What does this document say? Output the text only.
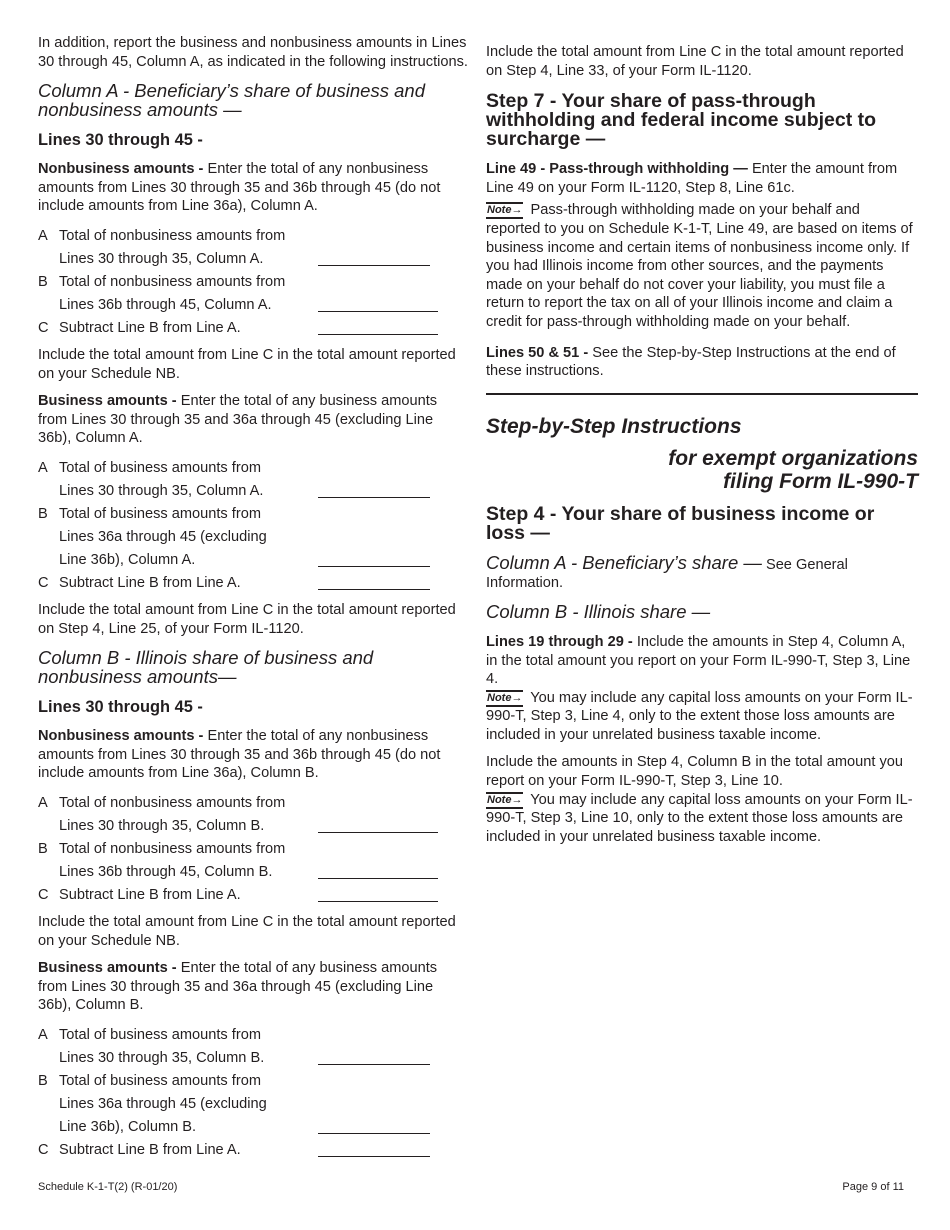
In addition, report the business and nonbusiness amounts in Lines 30 through 45, Column A, as indicated in the following instructions.

Column A - Beneficiary’s share of business and nonbusiness amounts —

Lines 30 through 45 -

Nonbusiness amounts - Enter the total of any nonbusiness amounts from Lines 30 through 35 and 36b through 45 (do not include amounts from Line 36a), Column A.

A Total of nonbusiness amounts from
Lines 30 through 35, Column A.
B Total of nonbusiness amounts from
Lines 36b through 45, Column A.
C Subtract Line B from Line A.

Include the total amount from Line C in the total amount reported on your Schedule NB.

Business amounts - Enter the total of any business amounts from Lines 30 through 35 and 36a through 45 (excluding Line 36b), Column A.

A Total of business amounts from
Lines 30 through 35, Column A.
B Total of business amounts from
Lines 36a through 45 (excluding
Line 36b), Column A.
C Subtract Line B from Line A.

Include the total amount from Line C in the total amount reported on Step 4, Line 25, of your Form IL-1120.

Column B - Illinois share of business and nonbusiness amounts—

Lines 30 through 45 -

Nonbusiness amounts - Enter the total of any nonbusiness amounts from Lines 30 through 35 and 36b through 45 (do not include amounts from Line 36a), Column B.

A Total of nonbusiness amounts from
Lines 30 through 35, Column B.
B Total of nonbusiness amounts from
Lines 36b through 45, Column B.
C Subtract Line B from Line A.

Include the total amount from Line C in the total amount reported on your Schedule NB.

Business amounts - Enter the total of any business amounts from Lines 30 through 35 and 36a through 45 (excluding Line 36b), Column B.

A Total of business amounts from
Lines 30 through 35, Column B.
B Total of business amounts from
Lines 36a through 45 (excluding
Line 36b), Column B.
C Subtract Line B from Line A.

Include the total amount from Line C in the total amount reported on Step 4, Line 33, of your Form IL-1120.

Step 7 - Your share of pass-through withholding and federal income subject to surcharge —

Line 49 - Pass-through withholding — Enter the amount from Line 49 on your Form IL-1120, Step 8, Line 61c.

Note→ Pass-through withholding made on your behalf and reported to you on Schedule K-1-T, Line 49, are based on items of business income and certain items of nonbusiness income only. If you had Illinois income from other sources, and the payments made on your behalf do not cover your liability, you must file a return to report the tax on all of your Illinois income and claim a credit for pass-through withholding made on your behalf.

Lines 50 & 51 - See the Step-by-Step Instructions at the end of these instructions.

Step-by-Step Instructions

for exempt organizations

filing Form IL-990-T

Step 4 - Your share of business income or loss —

Column A - Beneficiary’s share — See General Information.

Column B - Illinois share —

Lines 19 through 29 - Include the amounts in Step 4, Column A, in the total amount you report on your Form IL-990-T, Step 3, Line 4.

Note→ You may include any capital loss amounts on your Form IL-990-T, Step 3, Line 4, only to the extent those loss amounts are included in your unrelated business taxable income.

Include the amounts in Step 4, Column B in the total amount you report on your Form IL-990-T, Step 3, Line 10.

Note→ You may include any capital loss amounts on your Form IL-990-T, Step 3, Line 10, only to the extent those loss amounts are included in your unrelated business taxable income.

Schedule K-1-T(2) (R-01/20)	Page 9 of 11
